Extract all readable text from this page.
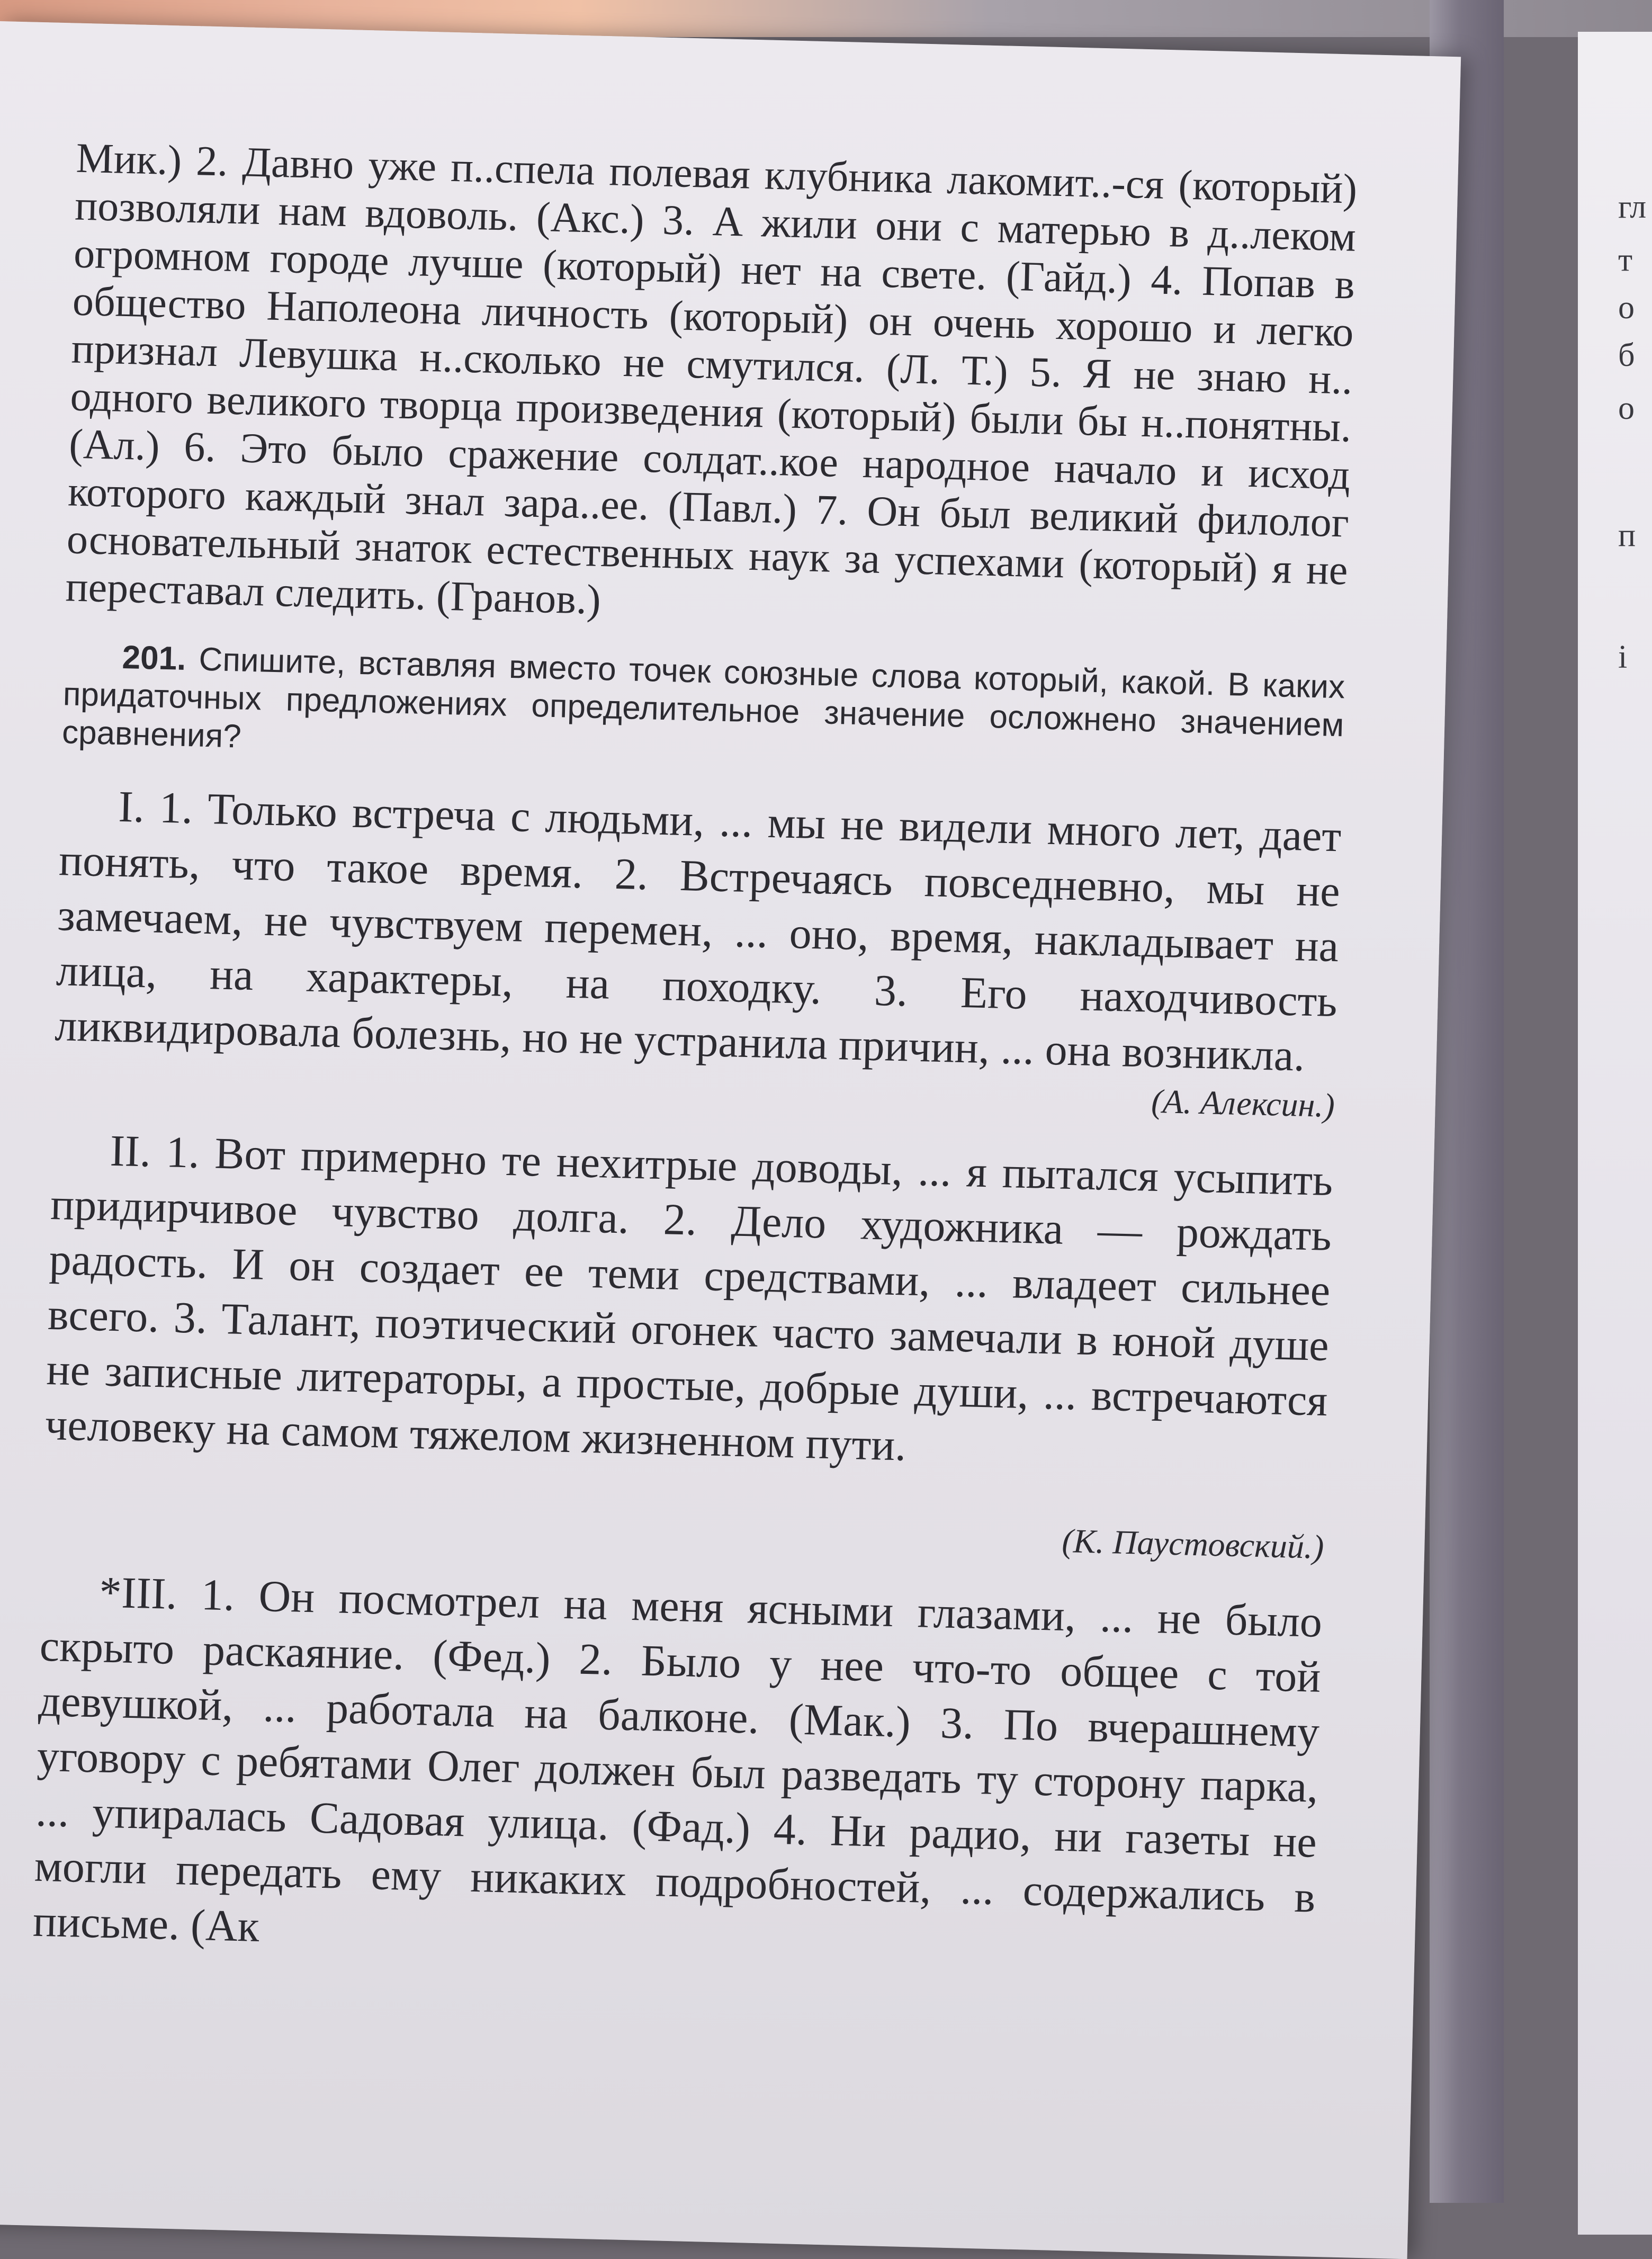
гл
т
о
б
о
п
і

Мик.) 2. Давно уже п..спела полевая клубника лакомит..-ся (который) позволяли нам вдоволь. (Акс.) 3. А жили они с матерью в д..леком огромном городе лучше (который) нет на свете. (Гайд.) 4. Попав в общество Наполеона личность (который) он очень хорошо и легко признал Левушка н..сколько не смутился. (Л. Т.) 5. Я не знаю н.. одного великого творца произведения (который) были бы н..понятны. (Ал.) 6. Это было сражение солдат..кое народное начало и исход которого каждый знал зара..ее. (Павл.) 7. Он был великий филолог основательный знаток естественных наук за успехами (который) я не переставал следить. (Гранов.)

201. Спишите, вставляя вместо точек союзные слова который, какой. В каких придаточных предложениях определительное значение осложнено значением сравнения?

I. 1. Только встреча с людьми, ... мы не видели много лет, дает понять, что такое время. 2. Встречаясь повседневно, мы не замечаем, не чувствуем перемен, ... оно, время, накладывает на лица, на характеры, на походку. 3. Его находчивость ликвидировала болезнь, но не устранила причин, ... она возникла.

(А. Алексин.)

II. 1. Вот примерно те нехитрые доводы, ... я пытался усыпить придирчивое чувство долга. 2. Дело художника — рождать радость. И он создает ее теми средствами, ... владеет сильнее всего. 3. Талант, поэтический огонек часто замечали в юной душе не записные литераторы, а простые, добрые души, ... встречаются человеку на самом тяжелом жизненном пути.

(К. Паустовский.)

*III. 1. Он посмотрел на меня ясными глазами, ... не было скрыто раскаяние. (Фед.) 2. Было у нее что-то общее с той девушкой, ... работала на балконе. (Мак.) 3. По вчерашнему уговору с ребятами Олег должен был разведать ту сторону парка, ... упиралась Садовая улица. (Фад.) 4. Ни радио, ни газеты не могли передать ему никаких подробностей, ... содержались в письме. (Ак
